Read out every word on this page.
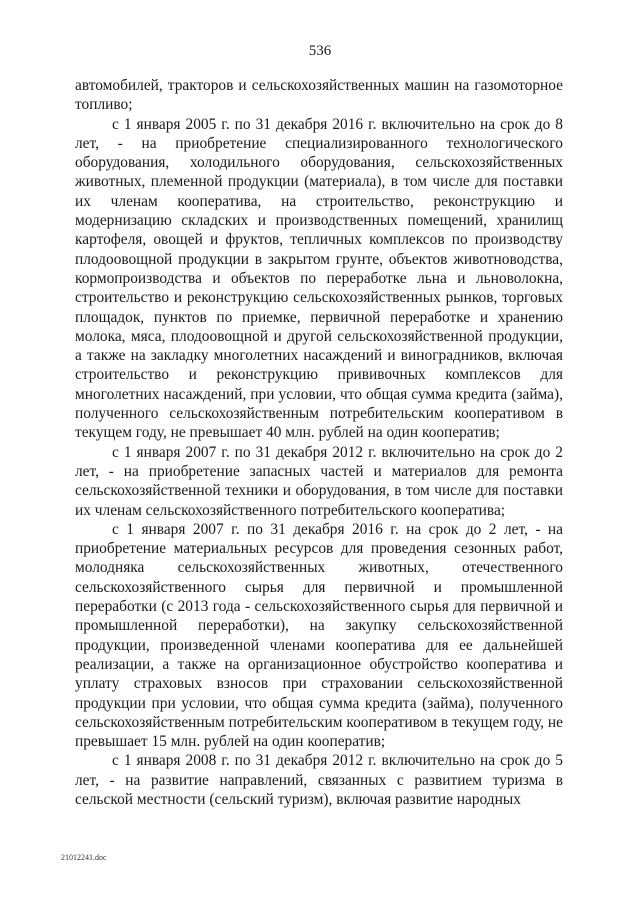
536

автомобилей, тракторов и сельскохозяйственных машин на газомоторное топливо;

с 1 января 2005 г. по 31 декабря 2016 г. включительно на срок до 8 лет, - на приобретение специализированного технологического оборудования, холодильного оборудования, сельскохозяйственных животных, племенной продукции (материала), в том числе для поставки их членам кооператива, на строительство, реконструкцию и модернизацию складских и производственных помещений, хранилищ картофеля, овощей и фруктов, тепличных комплексов по производству плодоовощной продукции в закрытом грунте, объектов животноводства, кормопроизводства и объектов по переработке льна и льноволокна, строительство и реконструкцию сельскохозяйственных рынков, торговых площадок, пунктов по приемке, первичной переработке и хранению молока, мяса, плодоовощной и другой сельскохозяйственной продукции, а также на закладку многолетних насаждений и виноградников, включая строительство и реконструкцию прививочных комплексов для многолетних насаждений, при условии, что общая сумма кредита (займа), полученного сельскохозяйственным потребительским кооперативом в текущем году, не превышает 40 млн. рублей на один кооператив;

с 1 января 2007 г. по 31 декабря 2012 г. включительно на срок до 2 лет, - на приобретение запасных частей и материалов для ремонта сельскохозяйственной техники и оборудования, в том числе для поставки их членам сельскохозяйственного потребительского кооператива;

с 1 января 2007 г. по 31 декабря 2016 г. на срок до 2 лет, - на приобретение материальных ресурсов для проведения сезонных работ, молодняка сельскохозяйственных животных, отечественного сельскохозяйственного сырья для первичной и промышленной переработки (с 2013 года - сельскохозяйственного сырья для первичной и промышленной переработки), на закупку сельскохозяйственной продукции, произведенной членами кооператива для ее дальнейшей реализации, а также на организационное обустройство кооператива и уплату страховых взносов при страховании сельскохозяйственной продукции при условии, что общая сумма кредита (займа), полученного сельскохозяйственным потребительским кооперативом в текущем году, не превышает 15 млн. рублей на один кооператив;

с 1 января 2008 г. по 31 декабря 2012 г. включительно на срок до 5 лет, - на развитие направлений, связанных с развитием туризма в сельской местности (сельский туризм), включая развитие народных

21012241.doc
